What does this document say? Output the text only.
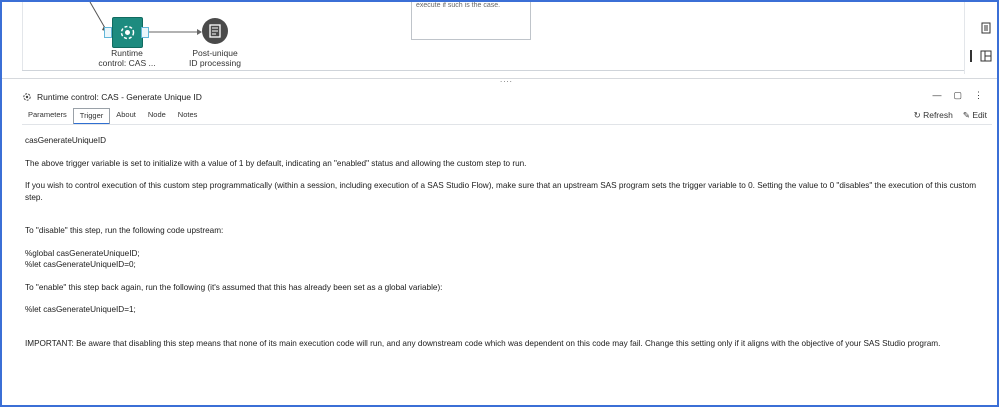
Runtime
control: CAS ...
Post-unique
ID processing
execute if such is the case.
....
Runtime control: CAS - Generate Unique ID	— ▢ ⋮
Parameters	Trigger	About	Node	Notes	↻ Refresh ✎ Edit

casGenerateUniqueID

The above trigger variable is set to initialize with a value of 1 by default, indicating an "enabled" status and allowing the custom step to run.

If you wish to control execution of this custom step programmatically (within a session, including execution of a SAS Studio Flow), make sure that an upstream SAS program sets the trigger variable to 0. Setting the value to 0 "disables" the execution of this custom step.

To "disable" this step, run the following code upstream:

%global casGenerateUniqueID;

%let casGenerateUniqueID=0;

To "enable" this step back again, run the following (it's assumed that this has already been set as a global variable):

%let casGenerateUniqueID=1;

IMPORTANT: Be aware that disabling this step means that none of its main execution code will run, and any downstream code which was dependent on this code may fail. Change this setting only if it aligns with the objective of your SAS Studio program.
